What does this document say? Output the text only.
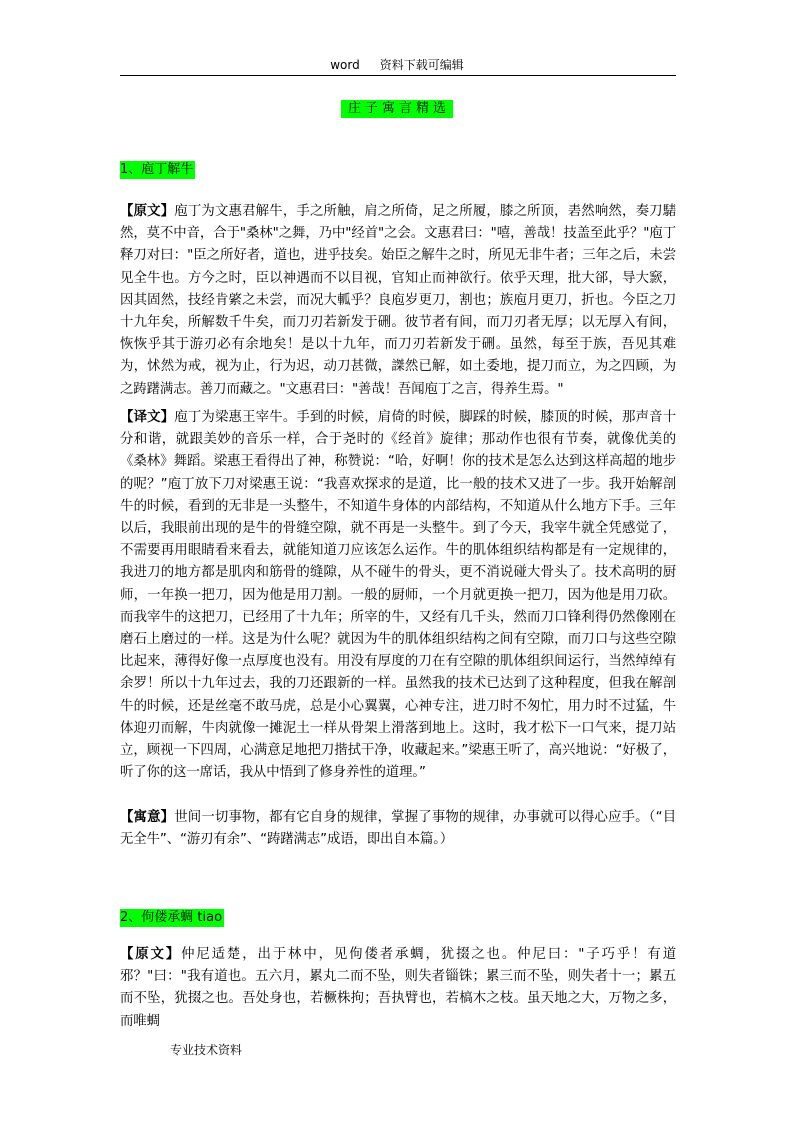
word 资料下载可编辑
庄子寓言精选
1、庖丁解牛
【原文】庖丁为文惠君解牛，手之所触，肩之所倚，足之所履，膝之所顶，砉然响然，奏刀騞然，莫不中音，合于"桑林"之舞，乃中"经首"之会。文惠君曰："嘻，善哉！技盖至此乎？"庖丁释刀对曰："臣之所好者，道也，进乎技矣。始臣之解牛之时，所见无非牛者；三年之后，未尝见全牛也。方今之时，臣以神遇而不以目视，官知止而神欲行。依乎天理，批大郤，导大窾，因其固然，技经肯綮之未尝，而况大軱乎？良庖岁更刀，割也；族庖月更刀，折也。今臣之刀十九年矣，所解数千牛矣，而刀刃若新发于硎。彼节者有间，而刀刃者无厚；以无厚入有间，恢恢乎其于游刃必有余地矣！是以十九年，而刀刃若新发于硎。虽然，每至于族，吾见其难为，怵然为戒，视为止，行为迟，动刀甚微，謋然已解，如土委地，提刀而立，为之四顾，为之踌躇满志。善刀而藏之。"文惠君曰："善哉！吾闻庖丁之言，得养生焉。"
【译文】庖丁为梁惠王宰牛。手到的时候，肩倚的时候，脚踩的时候，膝顶的时候，那声音十分和谐，就跟美妙的音乐一样，合于尧时的《经首》旋律；那动作也很有节奏，就像优美的《桑林》舞蹈。梁惠王看得出了神，称赞说：“哈，好啊！你的技术是怎么达到这样高超的地步的呢？”庖丁放下刀对梁惠王说：“我喜欢探求的是道，比一般的技术又进了一步。我开始解剖牛的时候，看到的无非是一头整牛，不知道牛身体的内部结构，不知道从什么地方下手。三年以后，我眼前出现的是牛的骨缝空隙，就不再是一头整牛。到了今天，我宰牛就全凭感觉了，不需要再用眼睛看来看去，就能知道刀应该怎么运作。牛的肌体组织结构都是有一定规律的，我进刀的地方都是肌肉和筋骨的缝隙，从不碰牛的骨头，更不消说碰大骨头了。技术高明的厨师，一年换一把刀，因为他是用刀割。一般的厨师，一个月就更换一把刀，因为他是用刀砍。而我宰牛的这把刀，已经用了十九年；所宰的牛，又经有几千头，然而刀口锋利得仍然像刚在磨石上磨过的一样。这是为什么呢？就因为牛的肌体组织结构之间有空隙，而刀口与这些空隙比起来，薄得好像一点厚度也没有。用没有厚度的刀在有空隙的肌体组织间运行，当然绰绰有余罗！所以十九年过去，我的刀还跟新的一样。虽然我的技术已达到了这种程度，但我在解剖牛的时候，还是丝毫不敢马虎，总是小心翼翼，心神专注，进刀时不匆忙，用力时不过猛，牛体迎刃而解，牛肉就像一摊泥土一样从骨架上滑落到地上。这时，我才松下一口气来，提刀站立，顾视一下四周，心满意足地把刀揩拭干净，收藏起来。”梁惠王听了，高兴地说：“好极了，听了你的这一席话，我从中悟到了修身养性的道理。”
【寓意】世间一切事物，都有它自身的规律，掌握了事物的规律，办事就可以得心应手。（“目无全牛”、“游刃有余”、“踌躇满志”成语，即出自本篇。）
2、佝偻承蜩 tiao
【原文】仲尼适楚，出于林中，见佝偻者承蜩，犹掇之也。仲尼曰："子巧乎！有道邪？"曰："我有道也。五六月，累丸二而不坠，则失者锱铢；累三而不坠，则失者十一；累五而不坠，犹掇之也。吾处身也，若橛株拘；吾执臂也，若槁木之枝。虽天地之大，万物之多，而唯蜩
专业技术资料
